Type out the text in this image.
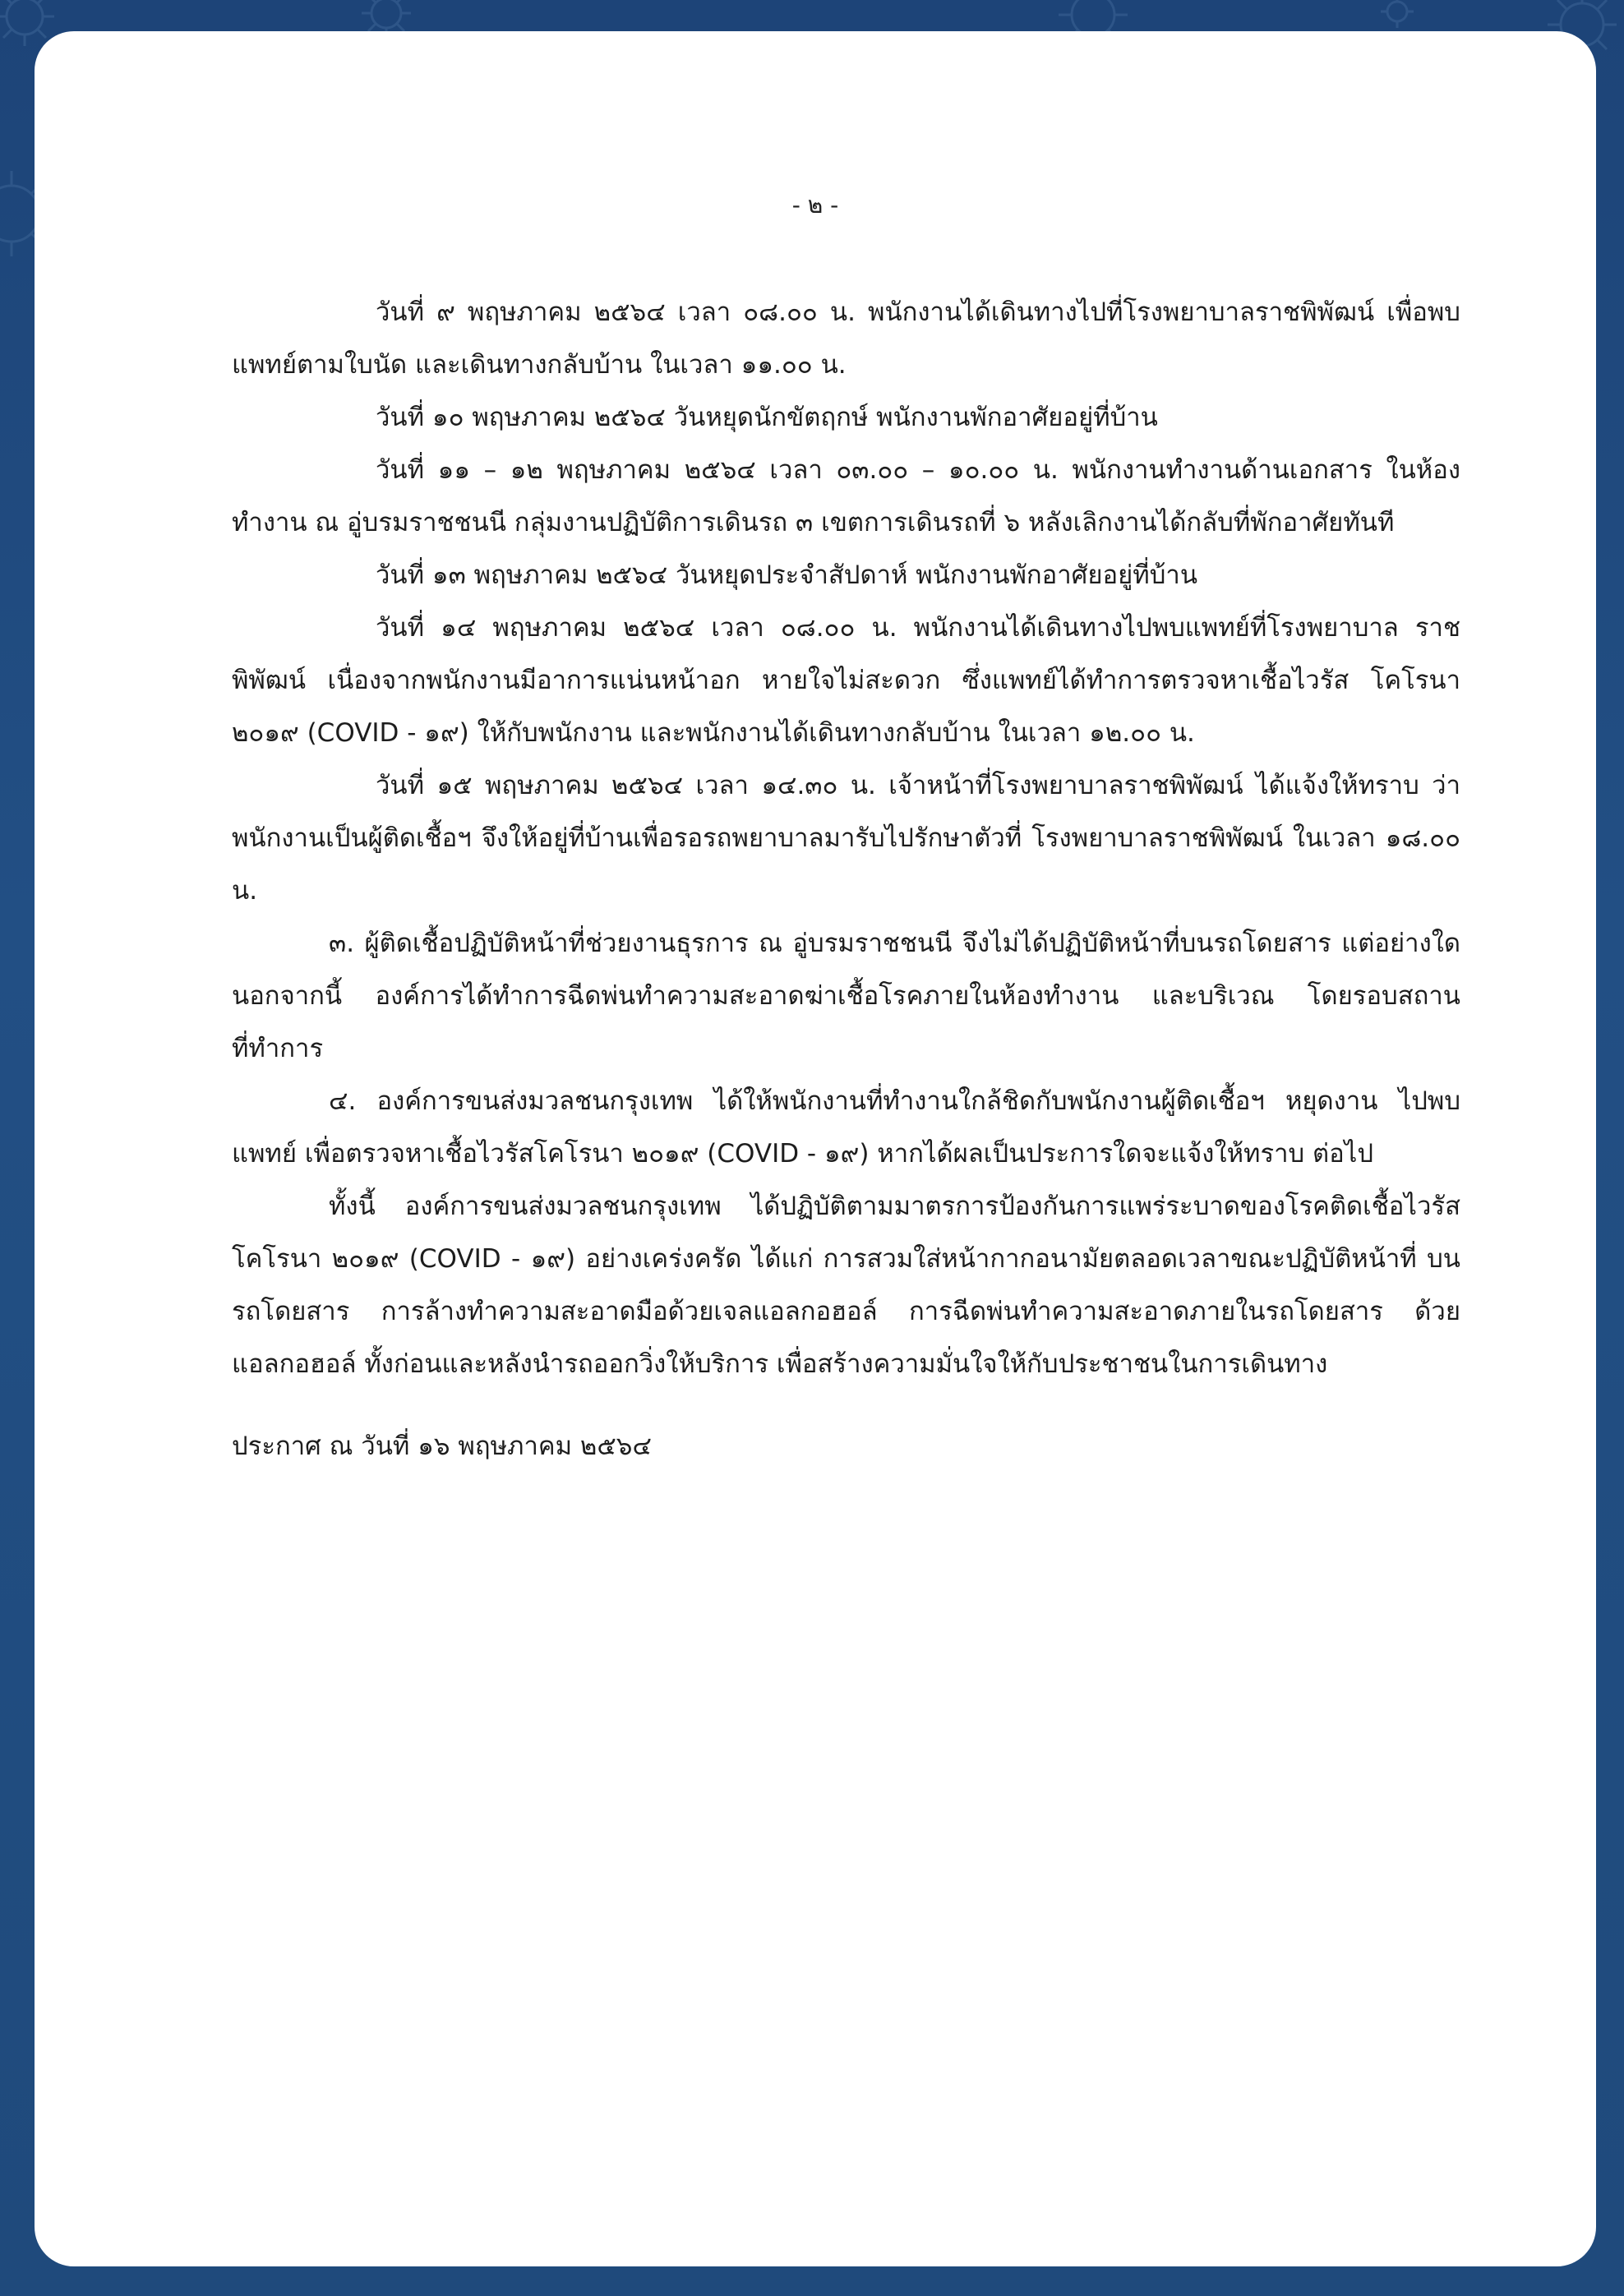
- ๒ -

วันที่ ๙ พฤษภาคม ๒๕๖๔ เวลา ๐๘.๐๐ น. พนักงานได้เดินทางไปที่โรงพยาบาลราชพิพัฒน์ เพื่อพบแพทย์ตามใบนัด และเดินทางกลับบ้าน ในเวลา ๑๑.๐๐ น.

วันที่ ๑๐ พฤษภาคม ๒๕๖๔ วันหยุดนักขัตฤกษ์ พนักงานพักอาศัยอยู่ที่บ้าน

วันที่ ๑๑ – ๑๒ พฤษภาคม ๒๕๖๔ เวลา ๐๓.๐๐ – ๑๐.๐๐ น. พนักงานทำงานด้านเอกสาร ในห้องทำงาน ณ อู่บรมราชชนนี กลุ่มงานปฏิบัติการเดินรถ ๓ เขตการเดินรถที่ ๖ หลังเลิกงานได้กลับที่พักอาศัยทันที

วันที่ ๑๓ พฤษภาคม ๒๕๖๔ วันหยุดประจำสัปดาห์ พนักงานพักอาศัยอยู่ที่บ้าน

วันที่ ๑๔ พฤษภาคม ๒๕๖๔ เวลา ๐๘.๐๐ น. พนักงานได้เดินทางไปพบแพทย์ที่โรงพยาบาล ราชพิพัฒน์ เนื่องจากพนักงานมีอาการแน่นหน้าอก หายใจไม่สะดวก ซึ่งแพทย์ได้ทำการตรวจหาเชื้อไวรัส โคโรนา ๒๐๑๙ (COVID - ๑๙) ให้กับพนักงาน และพนักงานได้เดินทางกลับบ้าน ในเวลา ๑๒.๐๐ น.

วันที่ ๑๕ พฤษภาคม ๒๕๖๔ เวลา ๑๔.๓๐ น. เจ้าหน้าที่โรงพยาบาลราชพิพัฒน์ ได้แจ้งให้ทราบ ว่าพนักงานเป็นผู้ติดเชื้อฯ จึงให้อยู่ที่บ้านเพื่อรอรถพยาบาลมารับไปรักษาตัวที่ โรงพยาบาลราชพิพัฒน์ ในเวลา ๑๘.๐๐ น.

๓. ผู้ติดเชื้อปฏิบัติหน้าที่ช่วยงานธุรการ ณ อู่บรมราชชนนี จึงไม่ได้ปฏิบัติหน้าที่บนรถโดยสาร แต่อย่างใด นอกจากนี้ องค์การได้ทำการฉีดพ่นทำความสะอาดฆ่าเชื้อโรคภายในห้องทำงาน และบริเวณ โดยรอบสถานที่ทำการ

๔. องค์การขนส่งมวลชนกรุงเทพ ได้ให้พนักงานที่ทำงานใกล้ชิดกับพนักงานผู้ติดเชื้อฯ หยุดงาน ไปพบแพทย์ เพื่อตรวจหาเชื้อไวรัสโคโรนา ๒๐๑๙ (COVID - ๑๙) หากได้ผลเป็นประการใดจะแจ้งให้ทราบ ต่อไป

ทั้งนี้ องค์การขนส่งมวลชนกรุงเทพ ได้ปฏิบัติตามมาตรการป้องกันการแพร่ระบาดของโรคติดเชื้อไวรัส โคโรนา ๒๐๑๙ (COVID - ๑๙) อย่างเคร่งครัด ได้แก่ การสวมใส่หน้ากากอนามัยตลอดเวลาขณะปฏิบัติหน้าที่ บนรถโดยสาร การล้างทำความสะอาดมือด้วยเจลแอลกอฮอล์ การฉีดพ่นทำความสะอาดภายในรถโดยสาร ด้วยแอลกอฮอล์ ทั้งก่อนและหลังนำรถออกวิ่งให้บริการ เพื่อสร้างความมั่นใจให้กับประชาชนในการเดินทาง

ประกาศ ณ วันที่ ๑๖ พฤษภาคม ๒๕๖๔
